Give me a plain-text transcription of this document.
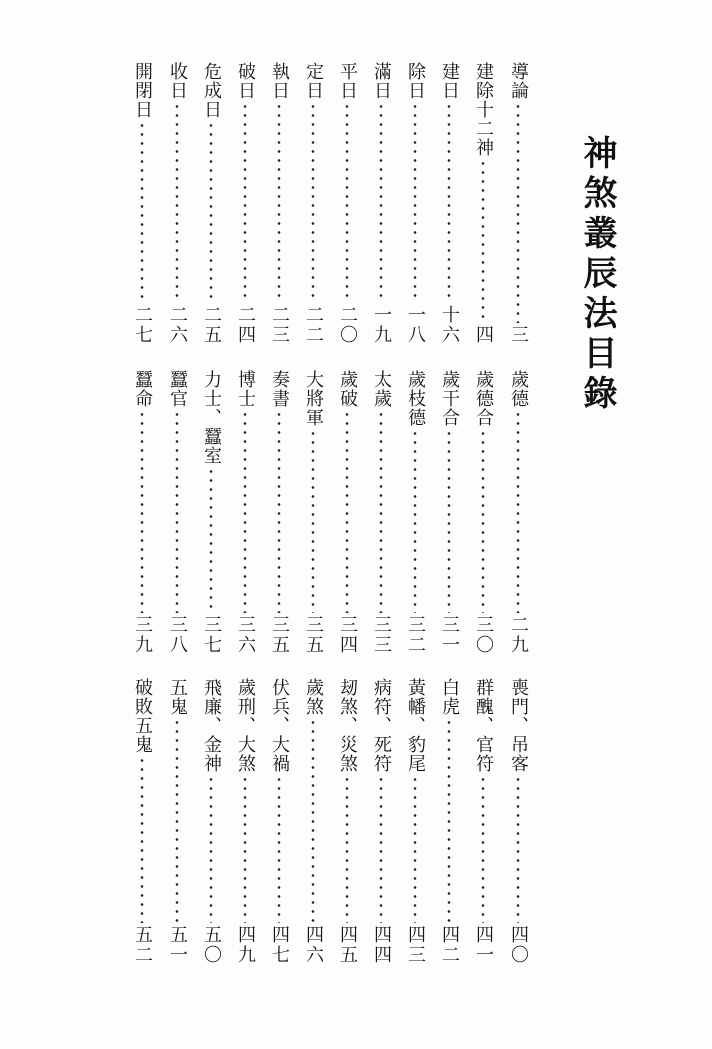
神煞叢辰法目錄
導論
三
建除十二神
四
建日
十六
除日
一八
滿日
一九
平日
二〇
定日
二二
執日
二三
破日
二四
危成日
二五
收日
二六
開閉日
二七
歲德
二九
歲德合
三〇
歲干合
三一
歲枝德
三二
太歲
三三
歲破
三四
大將軍
三五
奏書
三五
博士
三六
力士、蠶室
三七
蠶官
三八
蠶命
三九
喪門、吊客
四〇
群醜、官符
四一
白虎
四二
黃幡、豹尾
四三
病符、死符
四四
刼煞、災煞
四五
歲煞
四六
伏兵、大禍
四七
歲刑、大煞
四九
飛廉、金神
五〇
五鬼
五一
破敗五鬼
五二
